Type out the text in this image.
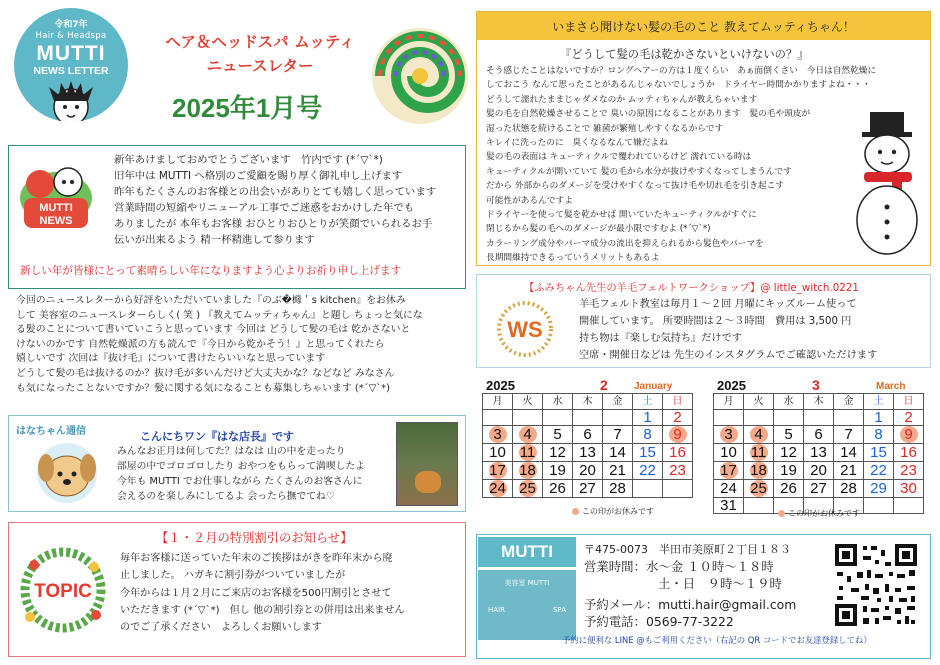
令和7年
Hair & Headspa
MUTTI
NEWS LETTER
ヘア＆ヘッドスパ ムッティ
ニュースレター
2025年1月号
MUTTI
NEWS
新年あけましておめでとうございます　竹内です (*´▽`*)
旧年中は MUTTI へ格別のご愛顧を賜り厚く御礼申し上げます
昨年もたくさんのお客様との出会いがありとても嬉しく思っています
営業時間の短縮やリニューアル工事でご迷惑をおかけした年でも
ありましたが 本年もお客様 おひとりおひとりが笑顔でいられるお手
伝いが出来るよう 精一杯精進して参ります
新しい年が皆様にとって素晴らしい年になりますよう心よりお祈り申し上げます
今回のニュースレターから好評をいただいていました『のぶ�櫞＇s kitchen』をお休み
して 美容室のニュースレターらしく( 笑 ) 『教えてムッティちゃん』と題し ちょっと気にな
る髪のことについて書いていこうと思っています 今回は どうして髪の毛は 乾かさないと
けないのかです 自然乾燥派の方も読んで『今日から乾かそう！』と思ってくれたら
嬉しいです 次回は『抜け毛』について書けたらいいなと思っています
どうして髪の毛は抜けるのか？抜け毛が多いんだけど大丈夫かな？などなど みなさん
も気になったことないですか？髪に関する気になることも募集しちゃいます (*´▽`*)
はなちゃん通信	こんにちワン『はな店長』です
みんなお正月は何してた？はなは 山の中を走ったり
部屋の中でゴロゴロしたり おやつをもらって満喫したよ
今年も MUTTI でお仕事しながら たくさんのお客さんに
会えるのを楽しみにしてるよ 会ったら撫でてね♡
TOPIC
【１・２月の特別割引のお知らせ】
毎年お客様に送っていた年末のご挨拶はがきを昨年末から廃
止しました。 ハガキに割引券がついていましたが
今年からは１月２月にご来店のお客様を500円割引とさせて
いただきます (*´▽`*)　但し 他の割引券との併用は出来ません
のでご了承ください　よろしくお願いします
いまさら聞けない髪の毛のこと 教えてムッティちゃん！
『どうして髪の毛は乾かさないといけないの？』
そう感じたことはないですか？ロングヘアーの方は１度くらい　あぁ面倒くさい　今日は自然乾燥に
しておこう なんて思ったことがあるんじゃないでしょうか　ドライヤー時間かかりますよね・・・
どうして濡れたままじゃダメなのか ムッティちゃんが教えちゃいます
髪の毛を自然乾燥させることで 臭いの原因になることがあります　髪の毛や頭皮が
湿った状態を続けることで 雑菌が繁殖しやすくなるからです
キレイに洗ったのに　臭くなるなんて嫌だよね
髪の毛の表面は キューティクルで覆われているけど 濡れている時は
キューティクルが開いていて 髪の毛から水分が抜けやすくなってしまうんです
だから 外部からのダメージを受けやすくなって抜け毛や切れ毛を引き起こす
可能性があるんですよ
ドライヤーを使って髪を乾かせば 開いていたキューティクルがすぐに
閉じるから髪の毛へのダメージが最小限ですむよ (*´▽`*)
カラーリング成分やパーマ成分の流出を抑えられるから髪色やパーマを
長期間維持できるっていうメリットもあるよ
WS
【ふみちゃん先生の羊毛フェルトワークショップ】@ little_witch.0221
羊毛フェルト教室は毎月１～２回 月曜にキッズルーム使って
開催しています。 所要時間は２～３時間　費用は 3,500 円
持ち物は『楽しむ気持ち』だけです
空席・開催日などは 先生のインスタグラムでご確認いただけます
2025	2	January
月	火	水	木	金	土	日
					1	2
3	4	5	6	7	8	9
10	11	12	13	14	15	16
17	18	19	20	21	22	23
24	25	26	27	28		
この印がお休みです
2025	3	March
月	火	水	木	金	土	日
					1	2
3	4	5	6	7	8	9
10	11	12	13	14	15	16
17	18	19	20	21	22	23
24	25	26	27	28	29	30
31							この印がお休みです
MUTTI
美容室 MUTTI
HAIR	SPA
〒475-0073　半田市美原町２丁目１８３
営業時間：水～金 １０時～１８時
土・日　９時～１９時
予約メール：mutti.hair@gmail.com
予約電話：0569-77-3222
予約に便利な LINE @もご利用ください（右記の QR コードでお友達登録してね）
